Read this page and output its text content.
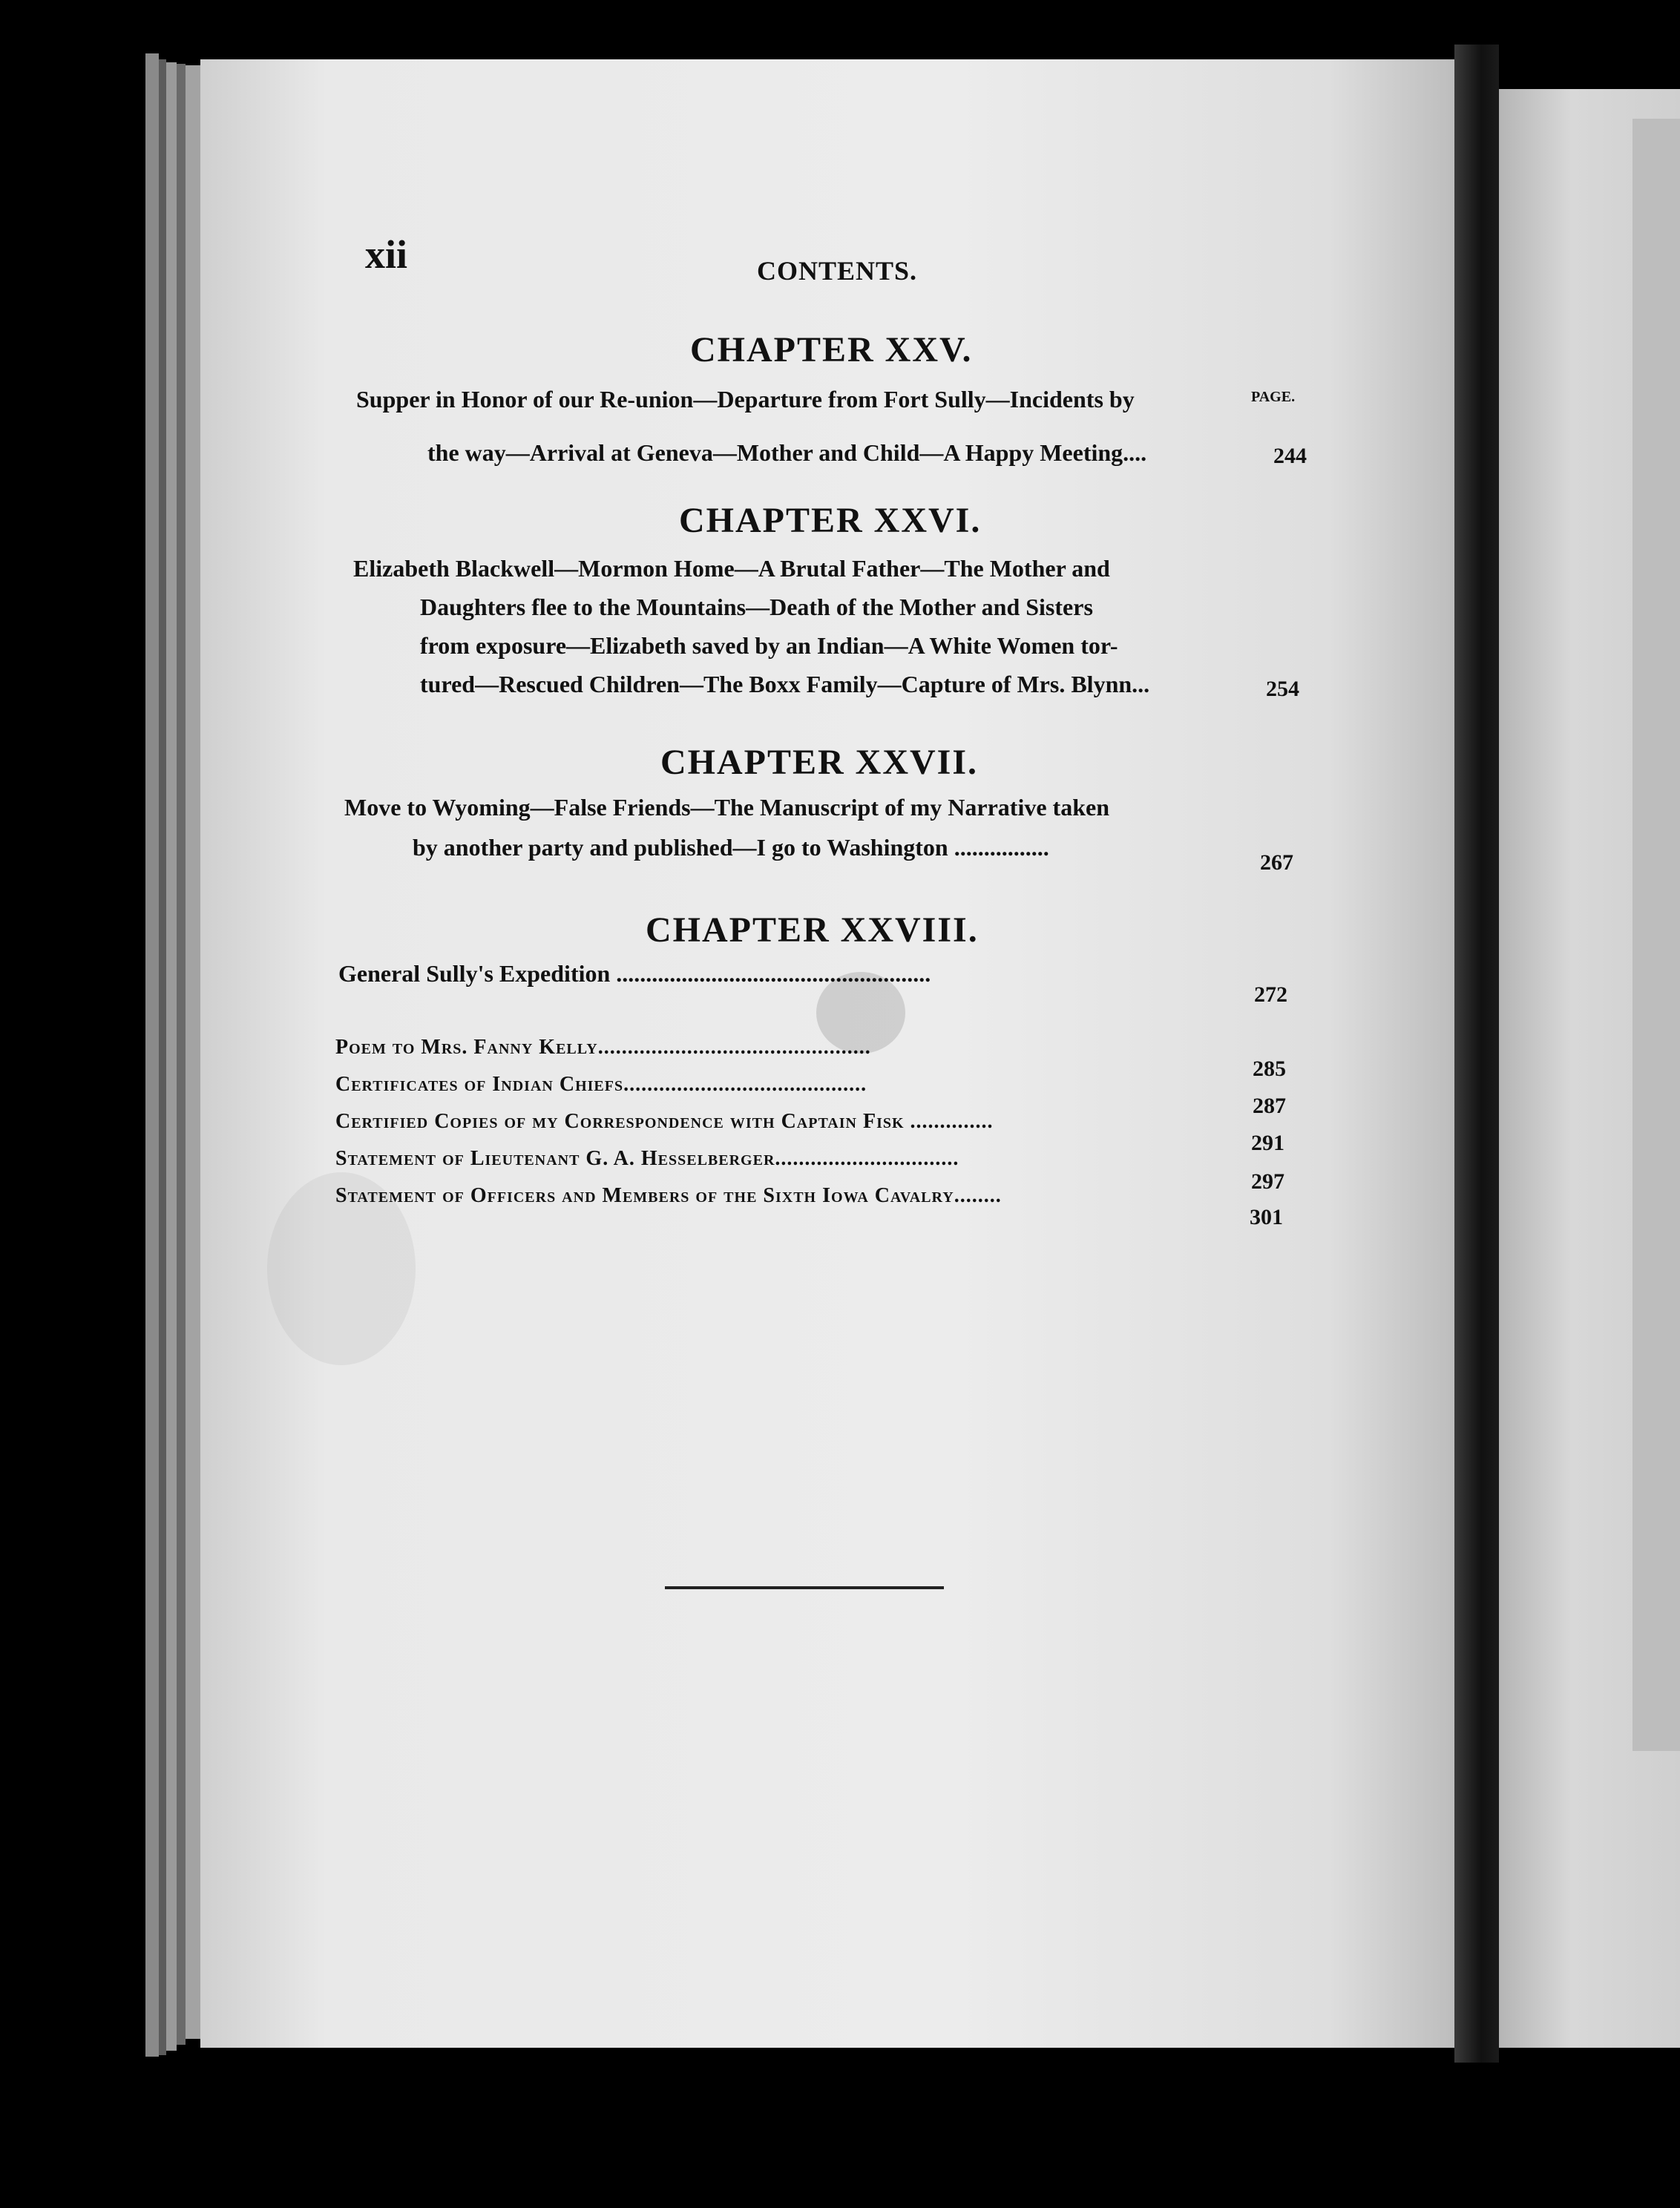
xii	CONTENTS.
CHAPTER XXV.
PAGE.
Supper in Honor of our Re-union—Departure from Fort Sully—Incidents by
the way—Arrival at Geneva—Mother and Child—A Happy Meeting....	244
CHAPTER XXVI.
Elizabeth Blackwell—Mormon Home—A Brutal Father—The Mother and
Daughters flee to the Mountains—Death of the Mother and Sisters
from exposure—Elizabeth saved by an Indian—A White Women tor-
tured—Rescued Children—The Boxx Family—Capture of Mrs. Blynn...	254
CHAPTER XXVII.
Move to Wyoming—False Friends—The Manuscript of my Narrative taken
by another party and published—I go to Washington ................
267
CHAPTER XXVIII.
General Sully's Expedition .....................................................
272
Poem to Mrs. Fanny Kelly..............................................
285
Certificates of Indian Chiefs.........................................
287
Certified Copies of my Correspondence with Captain Fisk ..............
291
Statement of Lieutenant G. A. Hesselberger...............................
297
Statement of Officers and Members of the Sixth Iowa Cavalry........
301
